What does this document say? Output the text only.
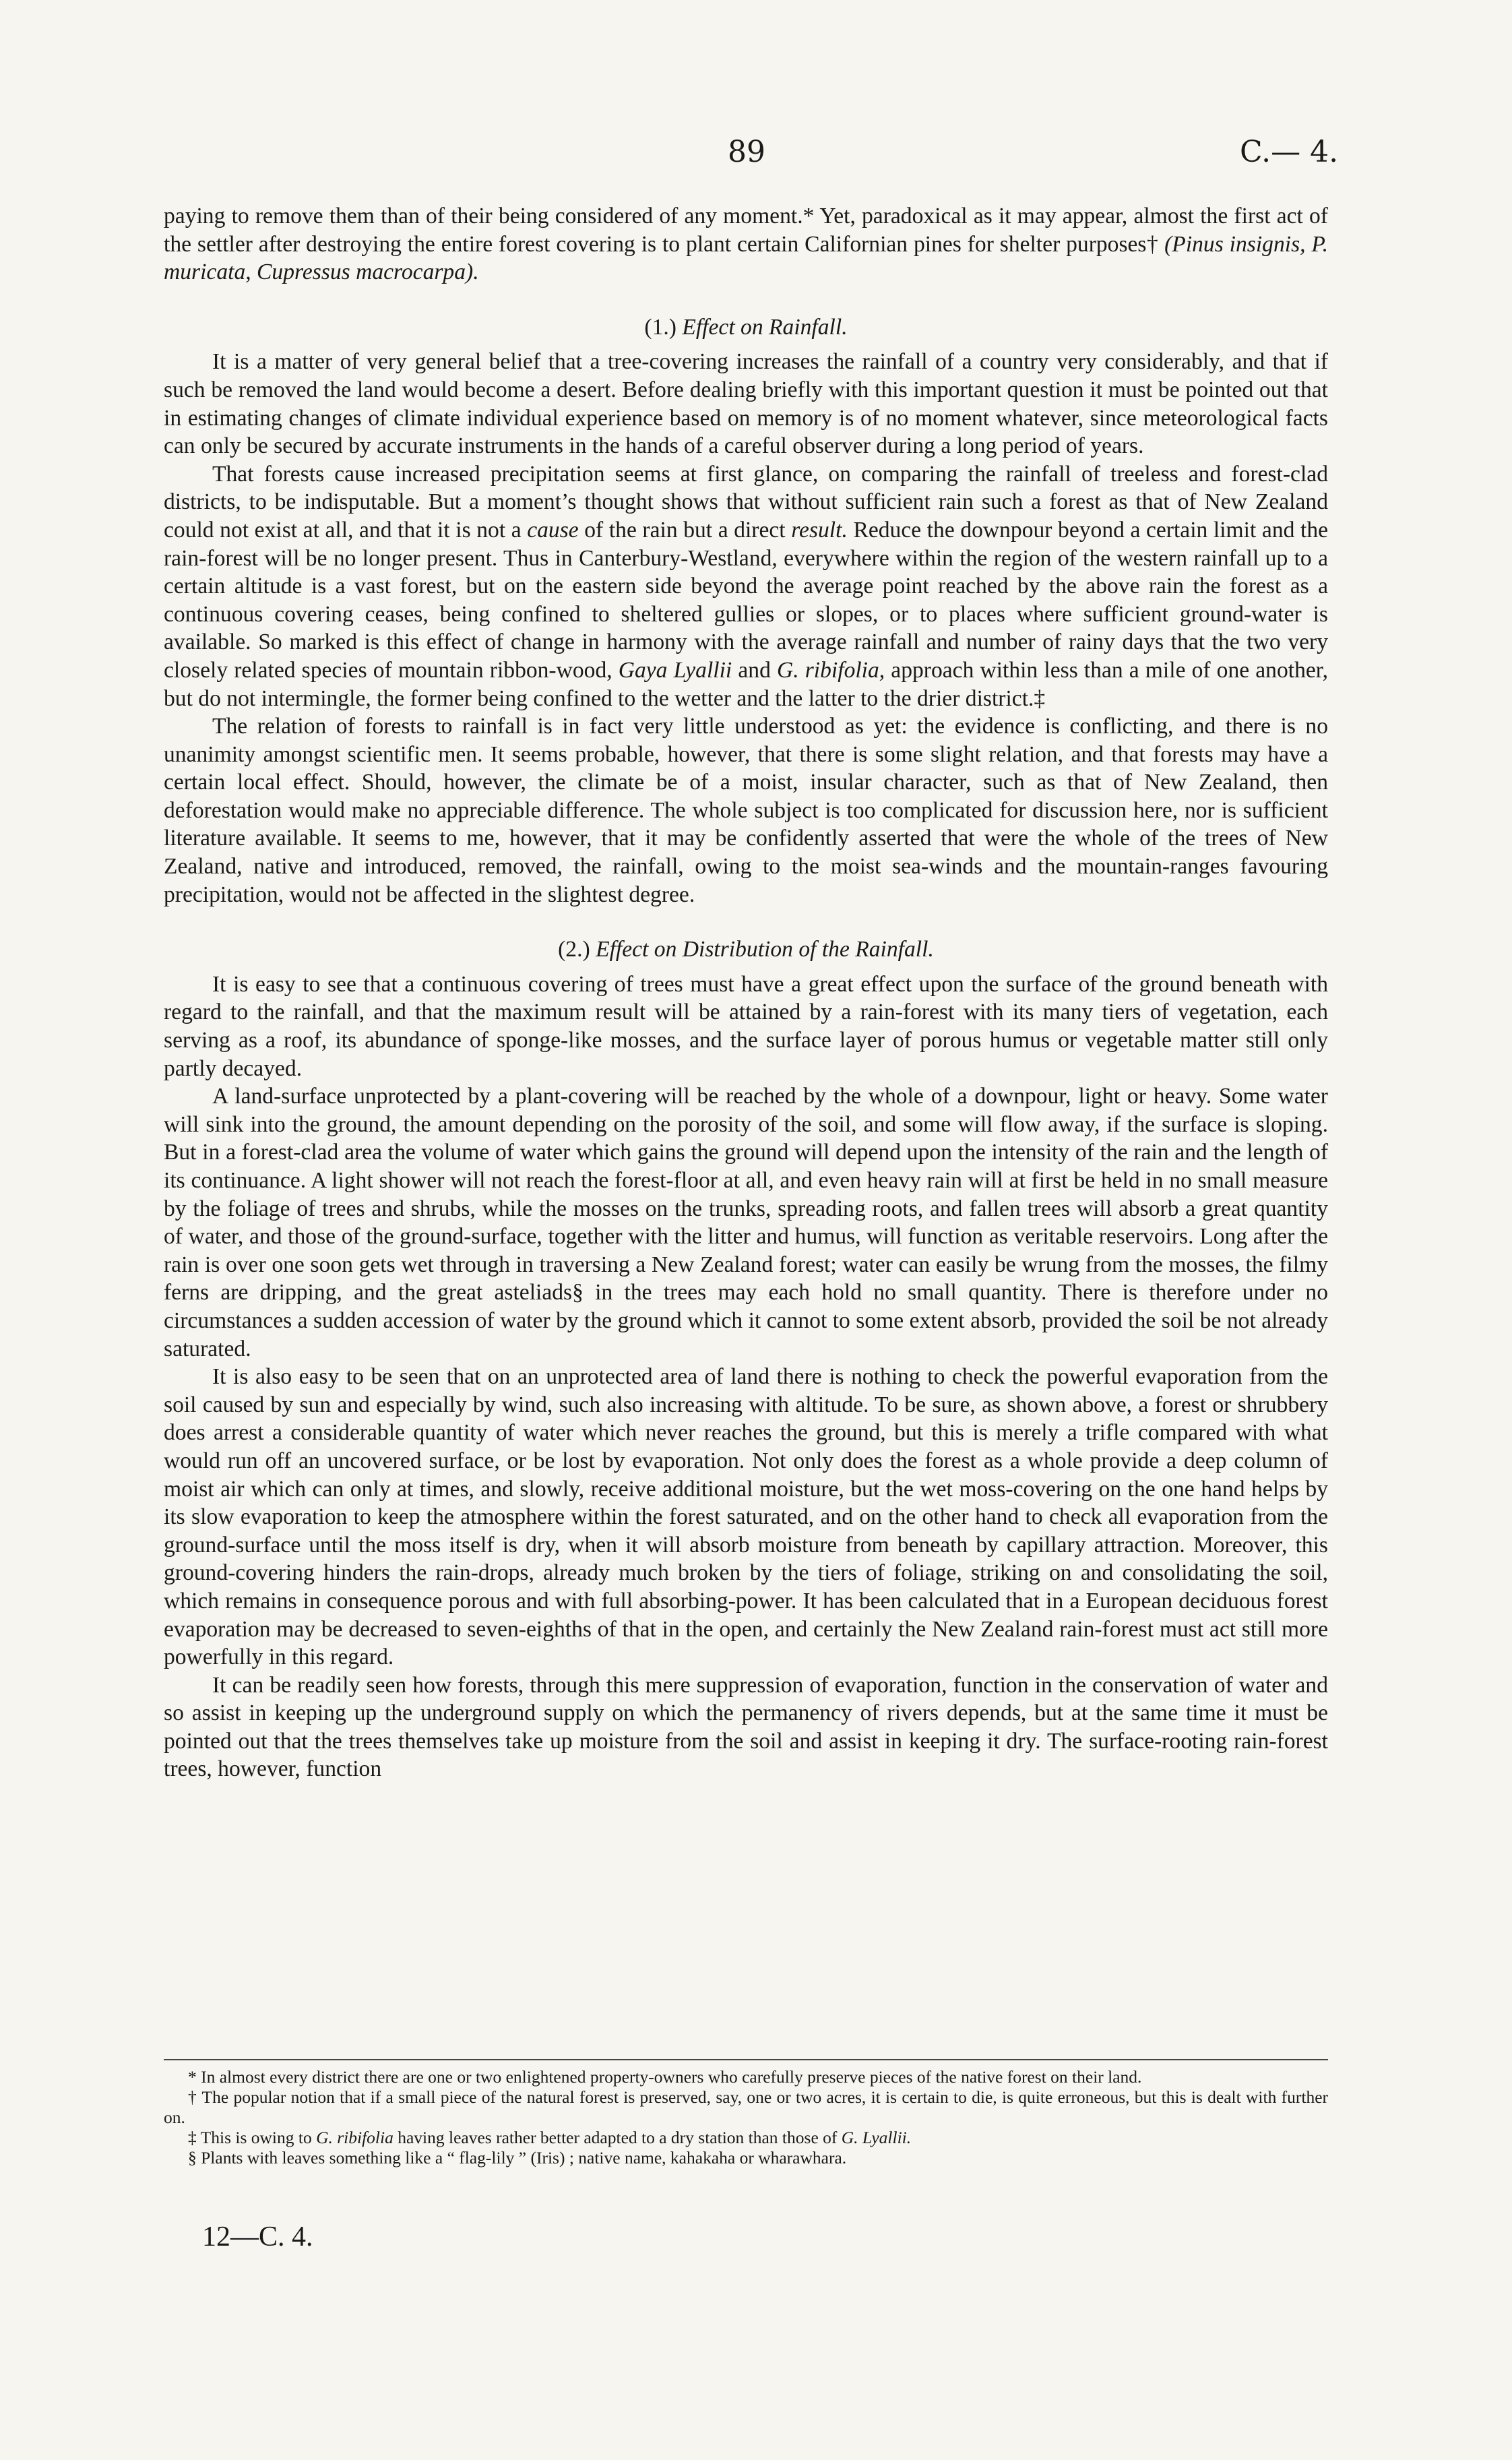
89	C.— 4.

paying to remove them than of their being considered of any moment.* Yet, paradoxical as it may appear, almost the first act of the settler after destroying the entire forest covering is to plant certain Californian pines for shelter purposes† (Pinus insignis, P. muricata, Cupressus macrocarpa).

(1.) Effect on Rainfall.

It is a matter of very general belief that a tree-covering increases the rainfall of a country very considerably, and that if such be removed the land would become a desert. Before dealing briefly with this important question it must be pointed out that in estimating changes of climate individual experience based on memory is of no moment whatever, since meteorological facts can only be secured by accurate instruments in the hands of a careful observer during a long period of years.

That forests cause increased precipitation seems at first glance, on comparing the rainfall of treeless and forest-clad districts, to be indisputable. But a moment’s thought shows that without sufficient rain such a forest as that of New Zealand could not exist at all, and that it is not a cause of the rain but a direct result. Reduce the downpour beyond a certain limit and the rain-forest will be no longer present. Thus in Canterbury-Westland, everywhere within the region of the western rainfall up to a certain altitude is a vast forest, but on the eastern side beyond the average point reached by the above rain the forest as a continuous covering ceases, being confined to sheltered gullies or slopes, or to places where sufficient ground-water is available. So marked is this effect of change in harmony with the average rainfall and number of rainy days that the two very closely related species of mountain ribbon-wood, Gaya Lyallii and G. ribifolia, approach within less than a mile of one another, but do not intermingle, the former being confined to the wetter and the latter to the drier district.‡

The relation of forests to rainfall is in fact very little understood as yet: the evidence is conflicting, and there is no unanimity amongst scientific men. It seems probable, however, that there is some slight relation, and that forests may have a certain local effect. Should, however, the climate be of a moist, insular character, such as that of New Zealand, then deforestation would make no appreciable difference. The whole subject is too complicated for discussion here, nor is sufficient literature available. It seems to me, however, that it may be confidently asserted that were the whole of the trees of New Zealand, native and introduced, removed, the rainfall, owing to the moist sea-winds and the mountain-ranges favouring precipitation, would not be affected in the slightest degree.

(2.) Effect on Distribution of the Rainfall.

It is easy to see that a continuous covering of trees must have a great effect upon the surface of the ground beneath with regard to the rainfall, and that the maximum result will be attained by a rain-forest with its many tiers of vegetation, each serving as a roof, its abundance of sponge-like mosses, and the surface layer of porous humus or vegetable matter still only partly decayed.

A land-surface unprotected by a plant-covering will be reached by the whole of a downpour, light or heavy. Some water will sink into the ground, the amount depending on the porosity of the soil, and some will flow away, if the surface is sloping. But in a forest-clad area the volume of water which gains the ground will depend upon the intensity of the rain and the length of its continuance. A light shower will not reach the forest-floor at all, and even heavy rain will at first be held in no small measure by the foliage of trees and shrubs, while the mosses on the trunks, spreading roots, and fallen trees will absorb a great quantity of water, and those of the ground-surface, together with the litter and humus, will function as veritable reservoirs. Long after the rain is over one soon gets wet through in traversing a New Zealand forest; water can easily be wrung from the mosses, the filmy ferns are dripping, and the great asteliads§ in the trees may each hold no small quantity. There is therefore under no circumstances a sudden accession of water by the ground which it cannot to some extent absorb, provided the soil be not already saturated.

It is also easy to be seen that on an unprotected area of land there is nothing to check the powerful evaporation from the soil caused by sun and especially by wind, such also increasing with altitude. To be sure, as shown above, a forest or shrubbery does arrest a considerable quantity of water which never reaches the ground, but this is merely a trifle compared with what would run off an uncovered surface, or be lost by evaporation. Not only does the forest as a whole provide a deep column of moist air which can only at times, and slowly, receive additional moisture, but the wet moss-covering on the one hand helps by its slow evaporation to keep the atmosphere within the forest saturated, and on the other hand to check all evaporation from the ground-surface until the moss itself is dry, when it will absorb moisture from beneath by capillary attraction. Moreover, this ground-covering hinders the rain-drops, already much broken by the tiers of foliage, striking on and consolidating the soil, which remains in consequence porous and with full absorbing-power. It has been calculated that in a European deciduous forest evaporation may be decreased to seven-eighths of that in the open, and certainly the New Zealand rain-forest must act still more powerfully in this regard.

It can be readily seen how forests, through this mere suppression of evaporation, function in the conservation of water and so assist in keeping up the underground supply on which the permanency of rivers depends, but at the same time it must be pointed out that the trees themselves take up moisture from the soil and assist in keeping it dry. The surface-rooting rain-forest trees, however, function

* In almost every district there are one or two enlightened property-owners who carefully preserve pieces of the native forest on their land.

† The popular notion that if a small piece of the natural forest is preserved, say, one or two acres, it is certain to die, is quite erroneous, but this is dealt with further on.

‡ This is owing to G. ribifolia having leaves rather better adapted to a dry station than those of G. Lyallii.

§ Plants with leaves something like a “ flag-lily ” (Iris) ; native name, kahakaha or wharawhara.

12—C. 4.
